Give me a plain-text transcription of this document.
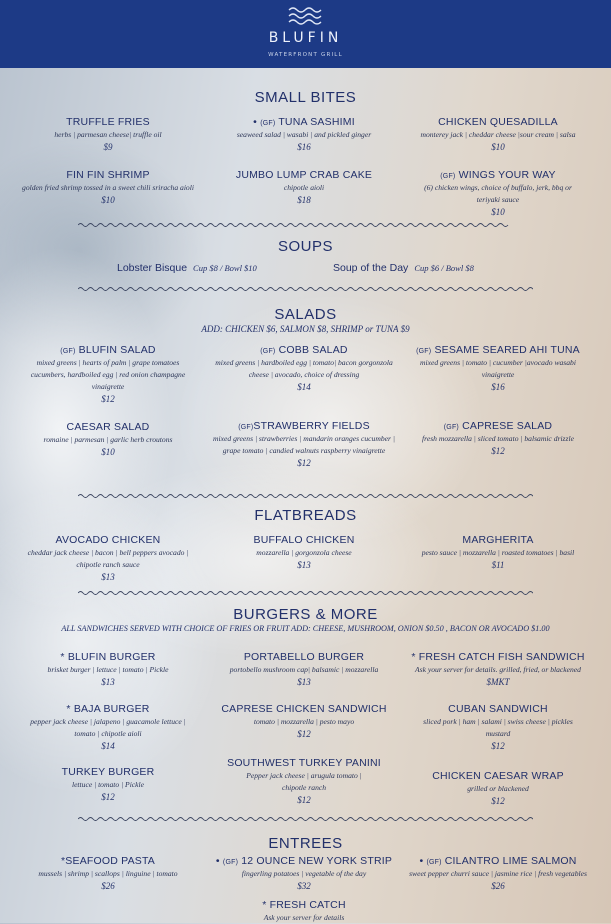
BLUFIN
WATERFRONT GRILL
SMALL BITES
TRUFFLE FRIES
herbs | parmesan cheese| truffle oil
$9
• (GF) TUNA SASHIMI
seaweed salad | wasabi | and pickled ginger
$16
CHICKEN QUESADILLA
monterey jack | cheddar cheese |sour cream | salsa
$10
FIN FIN SHRIMP
golden fried shrimp tossed in a sweet chili sriracha aioli
$10
JUMBO LUMP CRAB CAKE
chipotle aioli
$18
(GF) WINGS YOUR WAY
(6) chicken wings, choice of buffalo, jerk, bbq or teriyaki sauce
$10
SOUPS
Lobster Bisque Cup $8 / Bowl $10	Soup of the Day Cup $6 / Bowl $8
SALADS
ADD: CHICKEN $6, SALMON $8, SHRIMP or TUNA $9
(GF) BLUFIN SALAD
mixed greens | hearts of palm | grape tomatoes cucumbers, hardboiled egg | red onion champagne vinaigrette
$12
(GF) COBB SALAD
mixed greens | hardboiled egg | tomato| bacon gorgonzola cheese | avocado, choice of dressing
$14
(GF) SESAME SEARED AHI TUNA
mixed greens | tomato | cucumber |avocado wasabi vinaigrette
$16
CAESAR SALAD
romaine | parmesan | garlic herb croutons
$10
(GF)STRAWBERRY FIELDS
mixed greens | strawberries | mandarin oranges cucumber | grape tomato | candied walnuts raspberry vinaigrette
$12
(GF) CAPRESE SALAD
fresh mozzarella | sliced tomato | balsamic drizzle
$12
FLATBREADS
AVOCADO CHICKEN
cheddar jack cheese | bacon | bell peppers avocado | chipotle ranch sauce
$13
BUFFALO CHICKEN
mozzarella | gorgonzola cheese
$13
MARGHERITA
pesto sauce | mozzarella | roasted tomatoes | basil
$11
BURGERS & MORE
ALL SANDWICHES SERVED WITH CHOICE OF FRIES OR FRUIT ADD: CHEESE, MUSHROOM, ONION $0.50 , BACON OR AVOCADO $1.00
* BLUFIN BURGER
brisket burger | lettuce | tomato | Pickle
$13
PORTABELLO BURGER
portobello mushroom cap| balsamic | mozzarella
$13
* FRESH CATCH FISH SANDWICH
Ask your server for details. grilled, fried, or blackened
$MKT
* BAJA BURGER
pepper jack cheese | jalapeno | guacamole lettuce | tomato | chipotle aioli
$14
CAPRESE CHICKEN SANDWICH
tomato | mozzarella | pesto mayo
$12
CUBAN SANDWICH
sliced pork | ham | salami | swiss cheese | pickles mustard
$12
TURKEY BURGER
lettuce | tomato | Pickle
$12
SOUTHWEST TURKEY PANINI
Pepper jack cheese | arugula tomato | chipotle ranch
$12
CHICKEN CAESAR WRAP
grilled or blackened
$12
ENTREES
*SEAFOOD PASTA
mussels | shrimp | scallops | linguine | tomato
$26
• (GF) 12 OUNCE NEW YORK STRIP
fingerling potatoes | vegetable of the day
$32
• (GF) CILANTRO LIME SALMON
sweet pepper churri sauce | jasmine rice | fresh vegetables
$26
* FRESH CATCH
Ask your server for details
